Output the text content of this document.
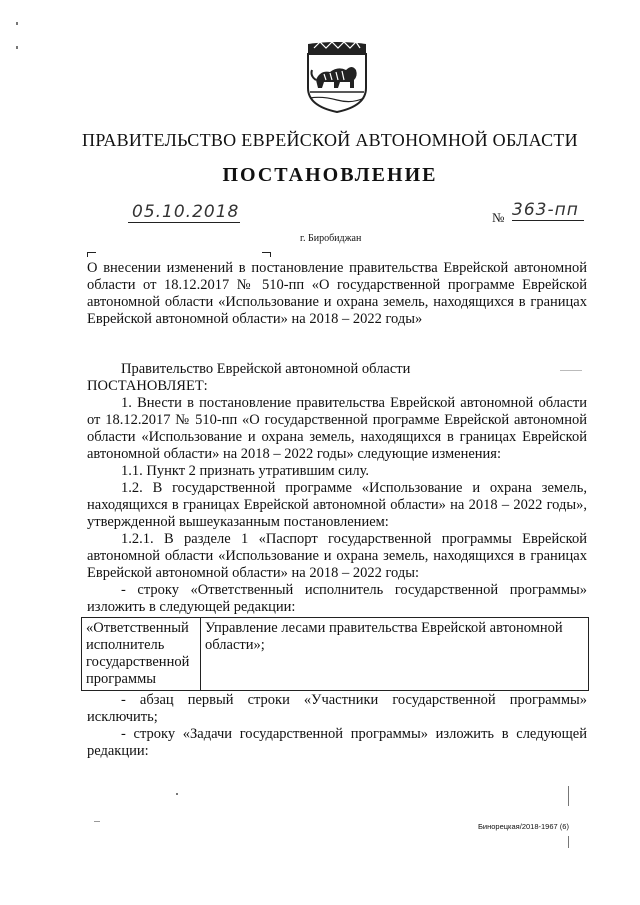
ПРАВИТЕЛЬСТВО ЕВРЕЙСКОЙ АВТОНОМНОЙ ОБЛАСТИ
ПОСТАНОВЛЕНИЕ
05.10.2018	№ 363-пп
г. Биробиджан
О внесении изменений в постановление правительства Еврейской автономной области от 18.12.2017 № 510-пп «О государственной программе Еврейской автономной области «Использование и охрана земель, находящихся в границах Еврейской автономной области» на 2018 – 2022 годы»

Правительство Еврейской автономной области

ПОСТАНОВЛЯЕТ:

1. Внести в постановление правительства Еврейской автономной области от 18.12.2017 № 510-пп «О государственной программе Еврейской автономной области «Использование и охрана земель, находящихся в границах Еврейской автономной области» на 2018 – 2022 годы» следующие изменения:

1.1. Пункт 2 признать утратившим силу.

1.2. В государственной программе «Использование и охрана земель, находящихся в границах Еврейской автономной области» на 2018 – 2022 годы», утвержденной вышеуказанным постановлением:

1.2.1. В разделе 1 «Паспорт государственной программы Еврейской автономной области «Использование и охрана земель, находящихся в границах Еврейской автономной области» на 2018 – 2022 годы:

- строку «Ответственный исполнитель государственной программы» изложить в следующей редакции:

«Ответственный исполнитель государственной программы	Управление лесами правительства Еврейской автономной области»;

- абзац первый строки «Участники государственной программы» исключить;

- строку «Задачи государственной программы» изложить в следующей редакции:

Бинорецкая/2018-1967 (6)
